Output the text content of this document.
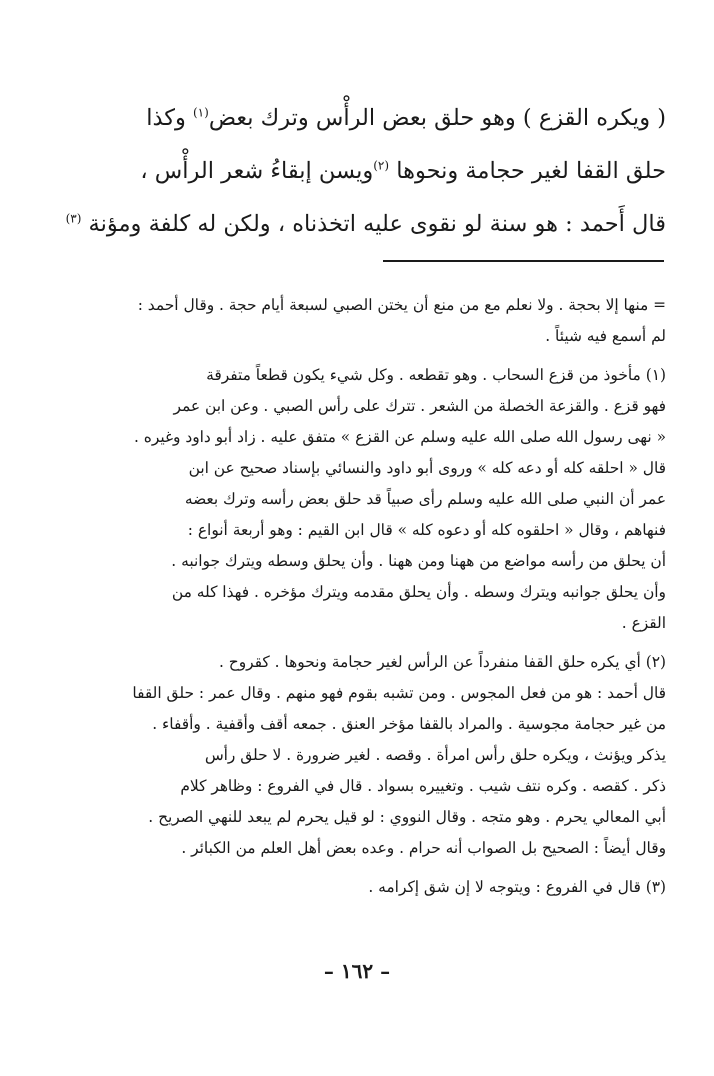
( ويكره القزع ) وهو حلق بعض الرأْس وترك بعض$^{(١)}$ وكذا
حلق القفا لغير حجامة ونحوها $^{(٢)}$ويسن إبقاءُ شعر الرأْس ،
قال أَحمد : هو سنة لو نقوى عليه اتخذناه ، ولكن له كلفة ومؤنة $^{(٣)}$
= منها إلا بحجة . ولا نعلم مع من منع أن يختن الصبي لسبعة أيام حجة . وقال أحمد :
لم أسمع فيه شيئاً .
(١) مأخوذ من قزع السحاب . وهو تقطعه . وكل شيء يكون قطعاً متفرقة
فهو قزع . والقزعة الخصلة من الشعر . تترك على رأس الصبي . وعن ابن عمر
« نهى رسول الله صلى الله عليه وسلم عن القزع » متفق عليه . زاد أبو داود وغيره .
قال « احلقه كله أو دعه كله » وروى أبو داود والنسائي بإسناد صحيح عن ابن
عمر أن النبي صلى الله عليه وسلم رأى صبياً قد حلق بعض رأسه وترك بعضه
فنهاهم ، وقال « احلقوه كله أو دعوه كله » قال ابن القيم : وهو أربعة أنواع :
أن يحلق من رأسه مواضع من ههنا ومن ههنا . وأن يحلق وسطه ويترك جوانبه .
وأن يحلق جوانبه ويترك وسطه . وأن يحلق مقدمه ويترك مؤخره . فهذا كله من
القزع .
(٢) أي يكره حلق القفا منفرداً عن الرأس لغير حجامة ونحوها . كقروح .
قال أحمد : هو من فعل المجوس . ومن تشبه بقوم فهو منهم . وقال عمر : حلق القفا
من غير حجامة مجوسية . والمراد بالقفا مؤخر العنق . جمعه أقف وأقفية . وأقفاء .
يذكر ويؤنث ، ويكره حلق رأس امرأة . وقصه . لغير ضرورة . لا حلق رأس
ذكر . كقصه . وكره نتف شيب . وتغييره بسواد . قال في الفروع : وظاهر كلام
أبي المعالي يحرم . وهو متجه . وقال النووي : لو قيل يحرم لم يبعد للنهي الصريح .
وقال أيضاً : الصحيح بل الصواب أنه حرام . وعده بعض أهل العلم من الكبائر .
(٣) قال في الفروع : ويتوجه لا إن شق إكرامه .
– ١٦٢ –
